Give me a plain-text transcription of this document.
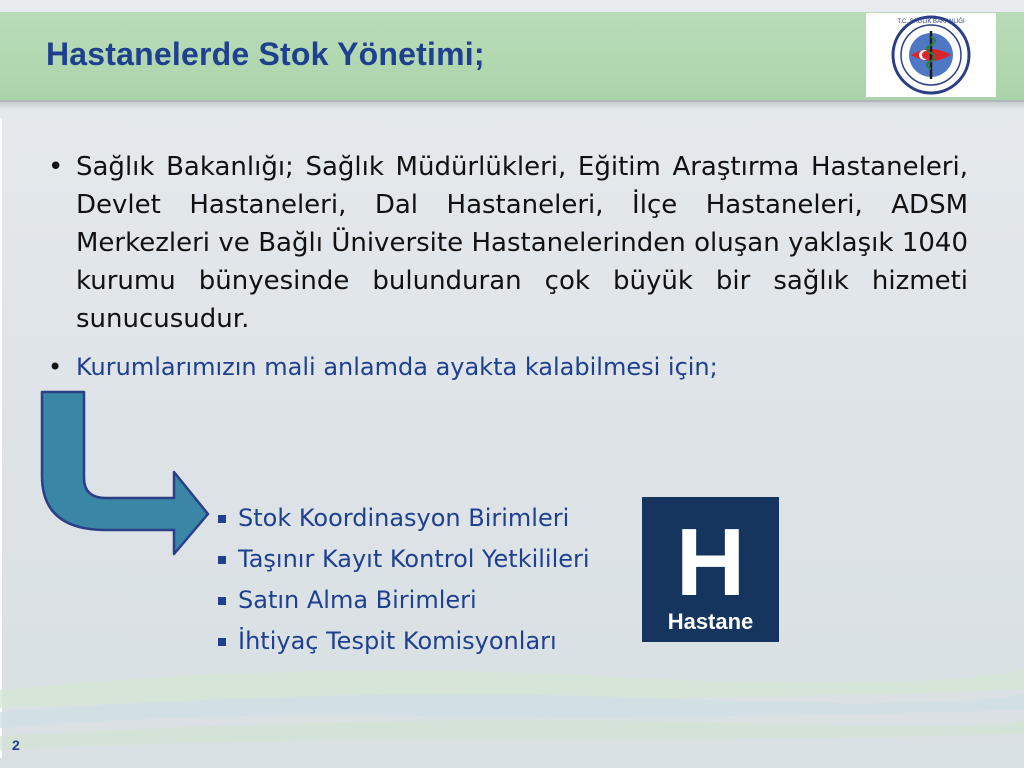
Hastanelerde Stok Yönetimi;
T.C. SAĞLIK BAKANLIĞI
• Sağlık Bakanlığı; Sağlık Müdürlükleri, Eğitim Araştırma Hastaneleri, Devlet Hastaneleri, Dal Hastaneleri, İlçe Hastaneleri, ADSM Merkezleri ve Bağlı Üniversite Hastanelerinden oluşan yaklaşık 1040 kurumu bünyesinde bulunduran çok büyük bir sağlık hizmeti sunucusudur.
• Kurumlarımızın mali anlamda ayakta kalabilmesi için;
Stok Koordinasyon Birimleri
Taşınır Kayıt Kontrol Yetkilileri
Satın Alma Birimleri
İhtiyaç Tespit Komisyonları
H
Hastane
2
